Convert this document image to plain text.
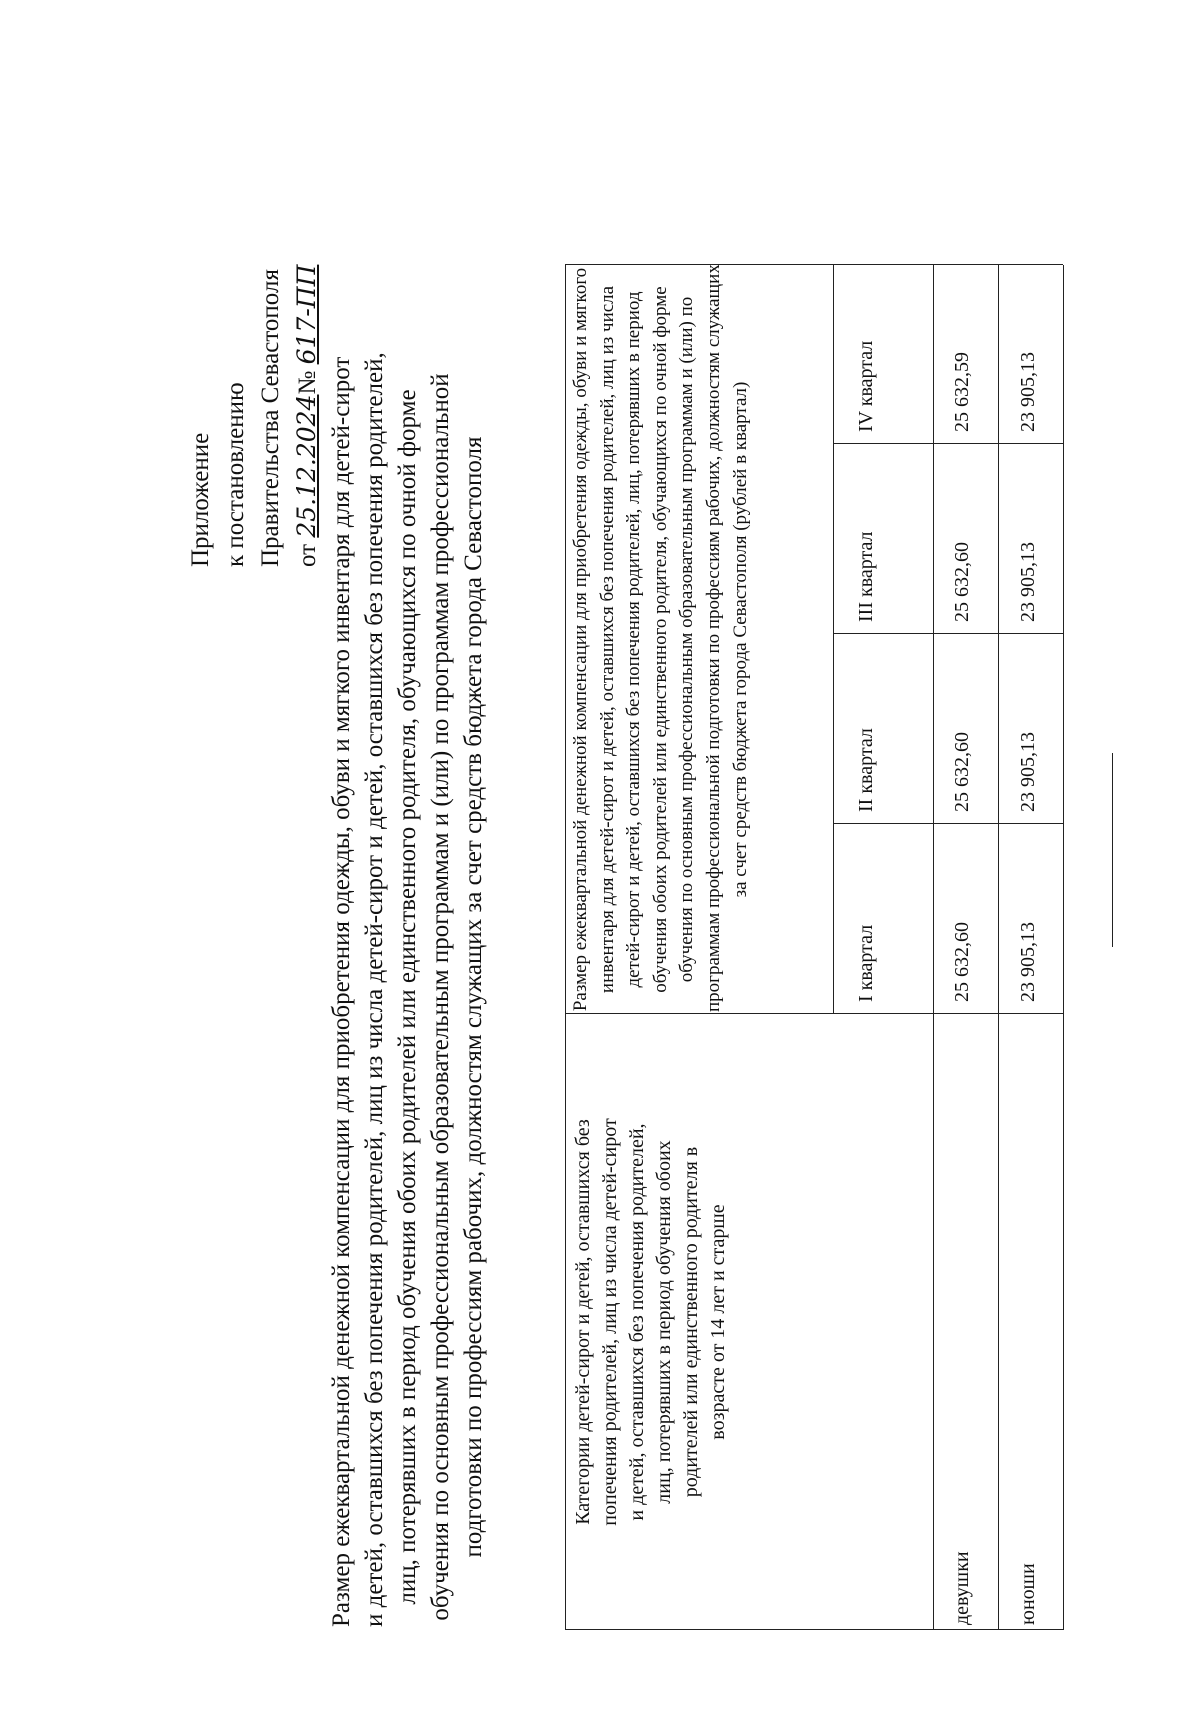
Приложение к постановлению Правительства Севастополя от 25.12.2024№ 617-ПП
Размер ежеквартальной денежной компенсации для приобретения одежды, обуви и мягкого инвентаря для детей-сирот и детей, оставшихся без попечения родителей, лиц из числа детей-сирот и детей, оставшихся без попечения родителей, лиц, потерявших в период обучения обоих родителей или единственного родителя, обучающихся по очной форме обучения по основным профессиональным образовательным программам и (или) по программам профессиональной подготовки по профессиям рабочих, должностям служащих за счет средств бюджета города Севастополя	Категории детей-сирот и детей, оставшихся без попечения родителей, лиц из числа детей-сирот и детей, оставшихся без попечения родителей, лиц, потерявших в период обучения обоих родителей или единственного родителя в возрасте от 14 лет и старше
Размер ежеквартальной денежной компенсации для приобретения одежды, обуви и мягкого инвентаря для детей-сирот и детей, оставшихся без попечения родителей, лиц из числа детей-сирот и детей, оставшихся без попечения родителей, лиц, потерявших в период обучения обоих родителей или единственного родителя, обучающихся по очной форме обучения по основным профессиональным образовательным программам и (или) по программам профессиональной подготовки по профессиям рабочих, должностям служащих за счет средств бюджета города Севастополя (рублей в квартал)
I квартал
II квартал
III квартал
IV квартал
девушки
25 632,60
25 632,60
25 632,60
25 632,59
юноши
23 905,13
23 905,13
23 905,13
23 905,13
